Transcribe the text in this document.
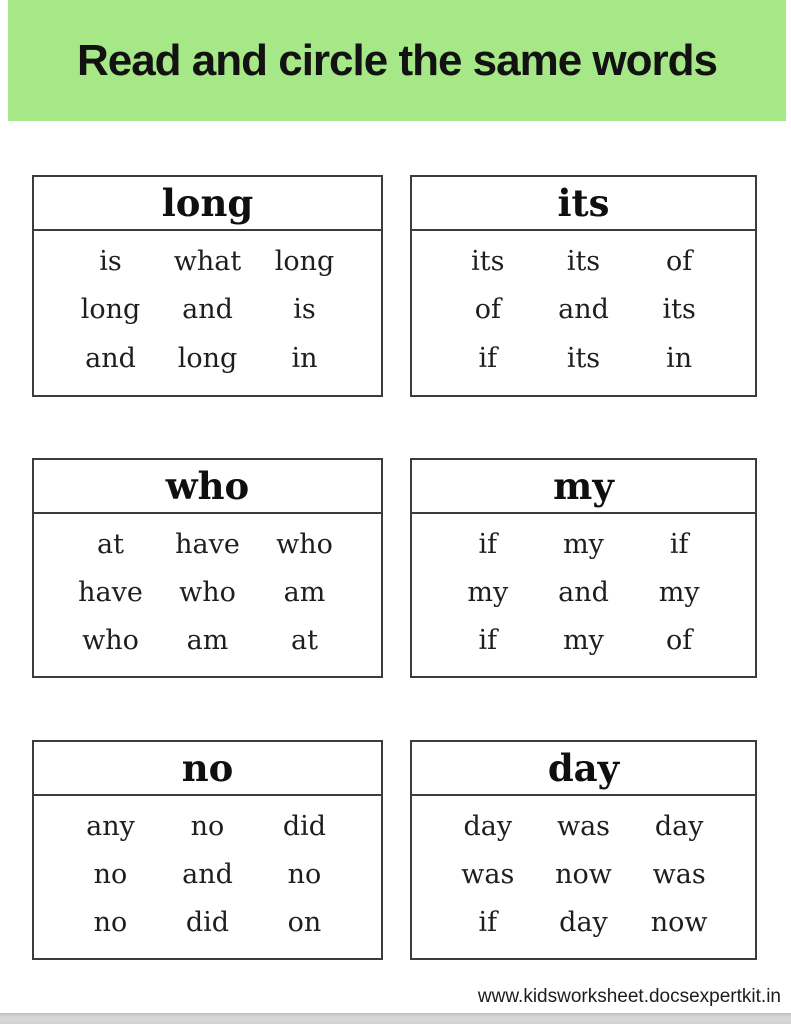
Read and circle the same words
long
is what long
long and is
and long in
its
its its of
of and its
if	its in
who
at have who
have who am
who am at
my
if my if
my and my
if my of
no
any no did
no and no
no did on
day
day was day
was now was
if day now
www.kidsworksheet.docsexpertkit.in
